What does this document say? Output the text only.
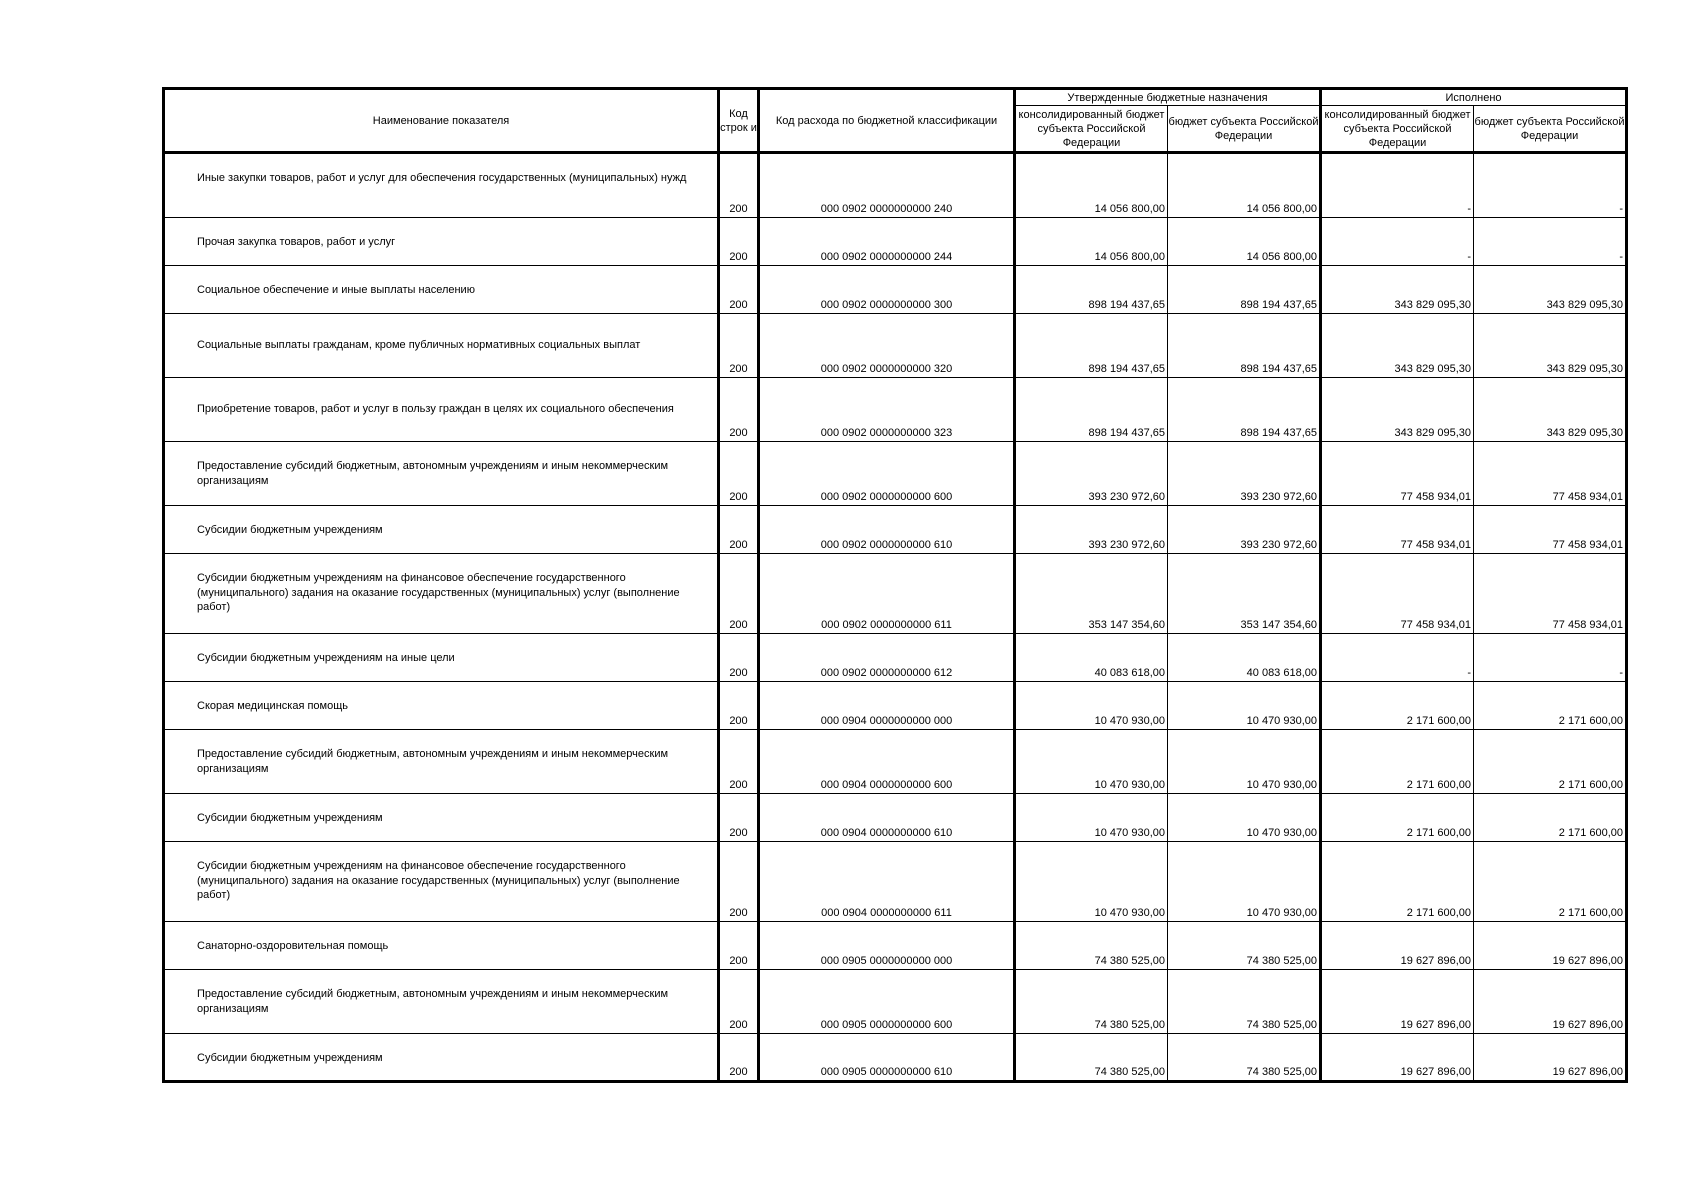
Наименование показателя	Код строк и	Код расхода по бюджетной классификации	Утвержденные бюджетные назначения		Исполнено	
			консолидированный бюджет субъекта Российской Федерации	бюджет субъекта Российской Федерации	консолидированный бюджет субъекта Российской Федерации	бюджет субъекта Российской Федерации
Иные закупки товаров, работ и услуг для обеспечения государственных (муниципальных) нужд	200	000 0902 0000000000 240	14 056 800,00	14 056 800,00	-	-
Прочая закупка товаров, работ и услуг	200	000 0902 0000000000 244	14 056 800,00	14 056 800,00	-	-
Социальное обеспечение и иные выплаты населению	200	000 0902 0000000000 300	898 194 437,65	898 194 437,65	343 829 095,30	343 829 095,30
Социальные выплаты гражданам, кроме публичных нормативных социальных выплат	200	000 0902 0000000000 320	898 194 437,65	898 194 437,65	343 829 095,30	343 829 095,30
Приобретение товаров, работ и услуг в пользу граждан в целях их социального обеспечения	200	000 0902 0000000000 323	898 194 437,65	898 194 437,65	343 829 095,30	343 829 095,30
Предоставление субсидий бюджетным, автономным учреждениям и иным некоммерческим организациям	200	000 0902 0000000000 600	393 230 972,60	393 230 972,60	77 458 934,01	77 458 934,01
Субсидии бюджетным учреждениям	200	000 0902 0000000000 610	393 230 972,60	393 230 972,60	77 458 934,01	77 458 934,01
Субсидии бюджетным учреждениям на финансовое обеспечение государственного (муниципального) задания на оказание государственных (муниципальных) услуг (выполнение работ)	200	000 0902 0000000000 611	353 147 354,60	353 147 354,60	77 458 934,01	77 458 934,01
Субсидии бюджетным учреждениям на иные цели	200	000 0902 0000000000 612	40 083 618,00	40 083 618,00	-	-
Скорая медицинская помощь	200	000 0904 0000000000 000	10 470 930,00	10 470 930,00	2 171 600,00	2 171 600,00
Предоставление субсидий бюджетным, автономным учреждениям и иным некоммерческим организациям	200	000 0904 0000000000 600	10 470 930,00	10 470 930,00	2 171 600,00	2 171 600,00
Субсидии бюджетным учреждениям	200	000 0904 0000000000 610	10 470 930,00	10 470 930,00	2 171 600,00	2 171 600,00
Субсидии бюджетным учреждениям на финансовое обеспечение государственного (муниципального) задания на оказание государственных (муниципальных) услуг (выполнение работ)	200	000 0904 0000000000 611	10 470 930,00	10 470 930,00	2 171 600,00	2 171 600,00
Санаторно-оздоровительная помощь	200	000 0905 0000000000 000	74 380 525,00	74 380 525,00	19 627 896,00	19 627 896,00
Предоставление субсидий бюджетным, автономным учреждениям и иным некоммерческим организациям	200	000 0905 0000000000 600	74 380 525,00	74 380 525,00	19 627 896,00	19 627 896,00
Субсидии бюджетным учреждениям	200	000 0905 0000000000 610	74 380 525,00	74 380 525,00	19 627 896,00	19 627 896,00
